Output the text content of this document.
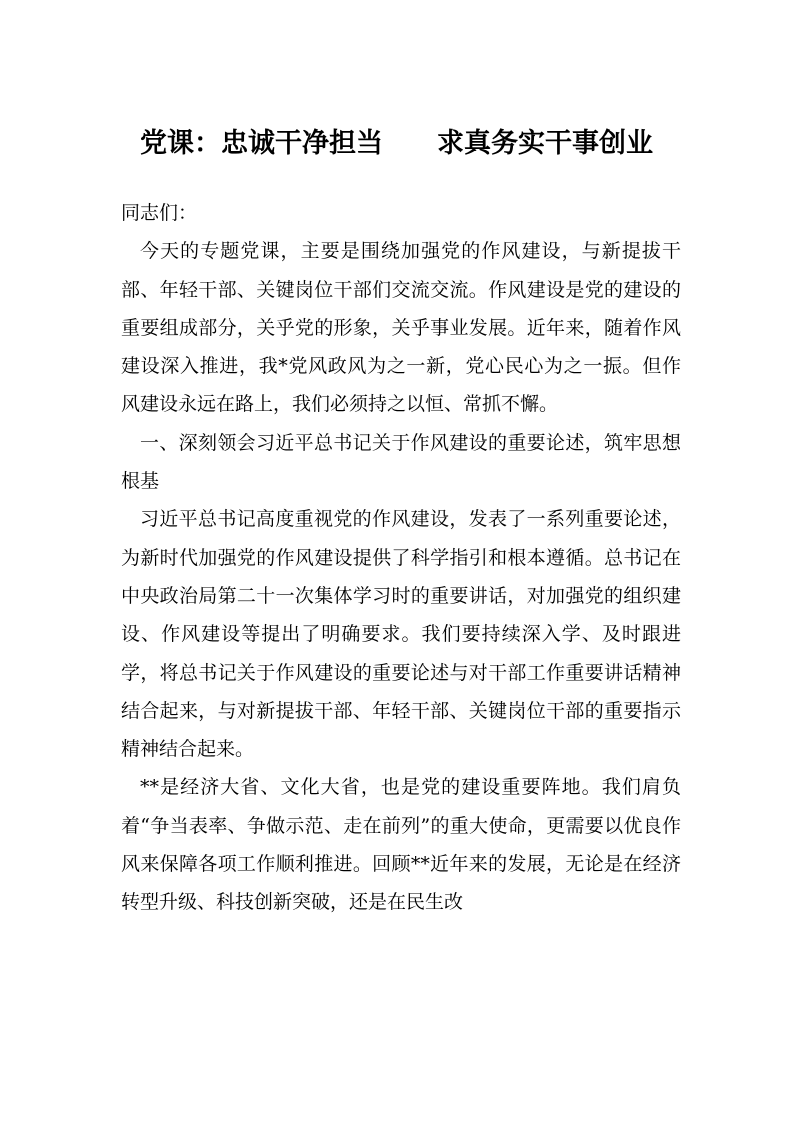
党课：忠诚干净担当　　求真务实干事创业

同志们：

今天的专题党课，主要是围绕加强党的作风建设，与新提拔干部、年轻干部、关键岗位干部们交流交流。作风建设是党的建设的重要组成部分，关乎党的形象，关乎事业发展。近年来，随着作风建设深入推进，我*党风政风为之一新，党心民心为之一振。但作风建设永远在路上，我们必须持之以恒、常抓不懈。

一、深刻领会习近平总书记关于作风建设的重要论述，筑牢思想根基

习近平总书记高度重视党的作风建设，发表了一系列重要论述，为新时代加强党的作风建设提供了科学指引和根本遵循。总书记在中央政治局第二十一次集体学习时的重要讲话，对加强党的组织建设、作风建设等提出了明确要求。我们要持续深入学、及时跟进学，将总书记关于作风建设的重要论述与对干部工作重要讲话精神结合起来，与对新提拔干部、年轻干部、关键岗位干部的重要指示精神结合起来。

**是经济大省、文化大省，也是党的建设重要阵地。我们肩负着“争当表率、争做示范、走在前列”的重大使命，更需要以优良作风来保障各项工作顺利推进。回顾**近年来的发展，无论是在经济转型升级、科技创新突破，还是在民生改
